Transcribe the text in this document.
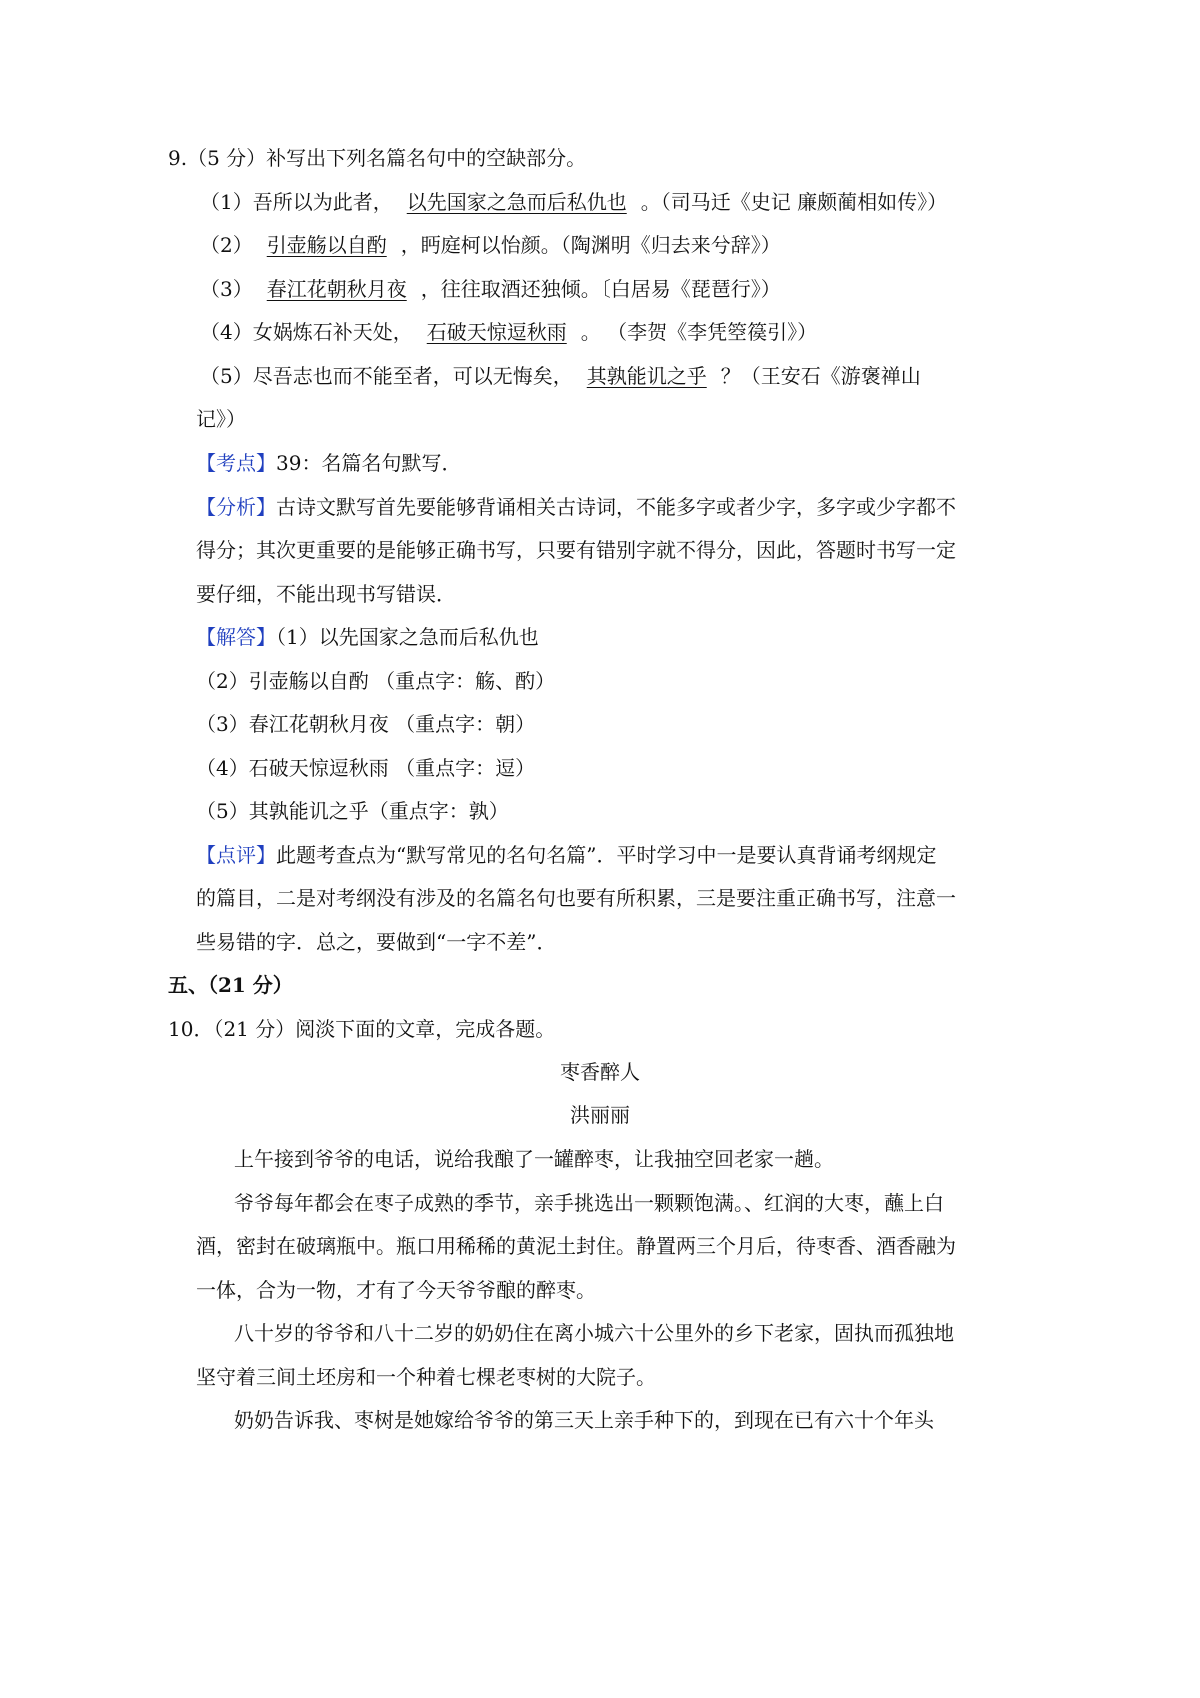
9.（5 分）补写出下列名篇名句中的空缺部分。
（1）吾所以为此者， 以先国家之急而后私仇也 。（司马迁《史记 廉颇蔺相如传》）
（2） 引壶觞以自酌 ，眄庭柯以怡颜。（陶渊明《归去来兮辞》）
（3） 春江花朝秋月夜 ，往往取酒还独倾。〔白居易《琵琶行》）
（4）女娲炼石补天处， 石破天惊逗秋雨 。 （李贺《李凭箜篌引》）
（5）尽吾志也而不能至者，可以无悔矣， 其孰能讥之乎 ？（王安石《游褒禅山
记》）
【考点】39：名篇名句默写．
【分析】古诗文默写首先要能够背诵相关古诗词，不能多字或者少字，多字或少字都不
得分；其次更重要的是能够正确书写，只要有错别字就不得分，因此，答题时书写一定
要仔细，不能出现书写错误．
【解答】（1）以先国家之急而后私仇也
（2）引壶觞以自酌 （重点字：觞、酌）
（3）春江花朝秋月夜 （重点字：朝）
（4）石破天惊逗秋雨 （重点字：逗）
（5）其孰能讥之乎（重点字：孰）
【点评】此题考查点为“默写常见的名句名篇”．平时学习中一是要认真背诵考纲规定
的篇目，二是对考纲没有涉及的名篇名句也要有所积累，三是要注重正确书写，注意一
些易错的字．总之，要做到“一字不差”．
五、（21 分）
10．（21 分）阅淡下面的文章，完成各题。
枣香醉人
洪丽丽
上午接到爷爷的电话，说给我酿了一罐醉枣，让我抽空回老家一趟。
爷爷每年都会在枣子成熟的季节，亲手挑选出一颗颗饱满。、红润的大枣，蘸上白
酒，密封在破璃瓶中。瓶口用稀稀的黄泥土封住。静置两三个月后，待枣香、酒香融为
一体，合为一物，才有了今天爷爷酿的醉枣。
八十岁的爷爷和八十二岁的奶奶住在离小城六十公里外的乡下老家，固执而孤独地
坚守着三间土坯房和一个种着七棵老枣树的大院子。
奶奶告诉我、枣树是她嫁给爷爷的第三天上亲手种下的，到现在已有六十个年头
